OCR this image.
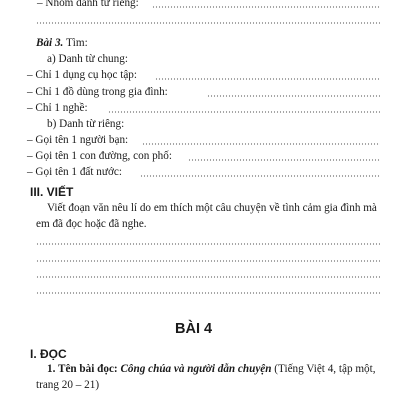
– Nhóm danh từ riêng:
Bài 3. Tìm:
a) Danh từ chung:
– Chỉ 1 dụng cụ học tập:
– Chỉ 1 đồ dùng trong gia đình:
– Chỉ 1 nghề:
b) Danh từ riêng:
– Gọi tên 1 người bạn:
– Gọi tên 1 con đường, con phố:
– Gọi tên 1 đất nước:
III. VIẾT
Viết đoạn văn nêu lí do em thích một câu chuyện về tình cảm gia đình mà
em đã đọc hoặc đã nghe.
BÀI 4
I. ĐỌC
1. Tên bài đọc: Công chúa và người dẫn chuyện (Tiếng Việt 4, tập một,
trang 20 – 21)
